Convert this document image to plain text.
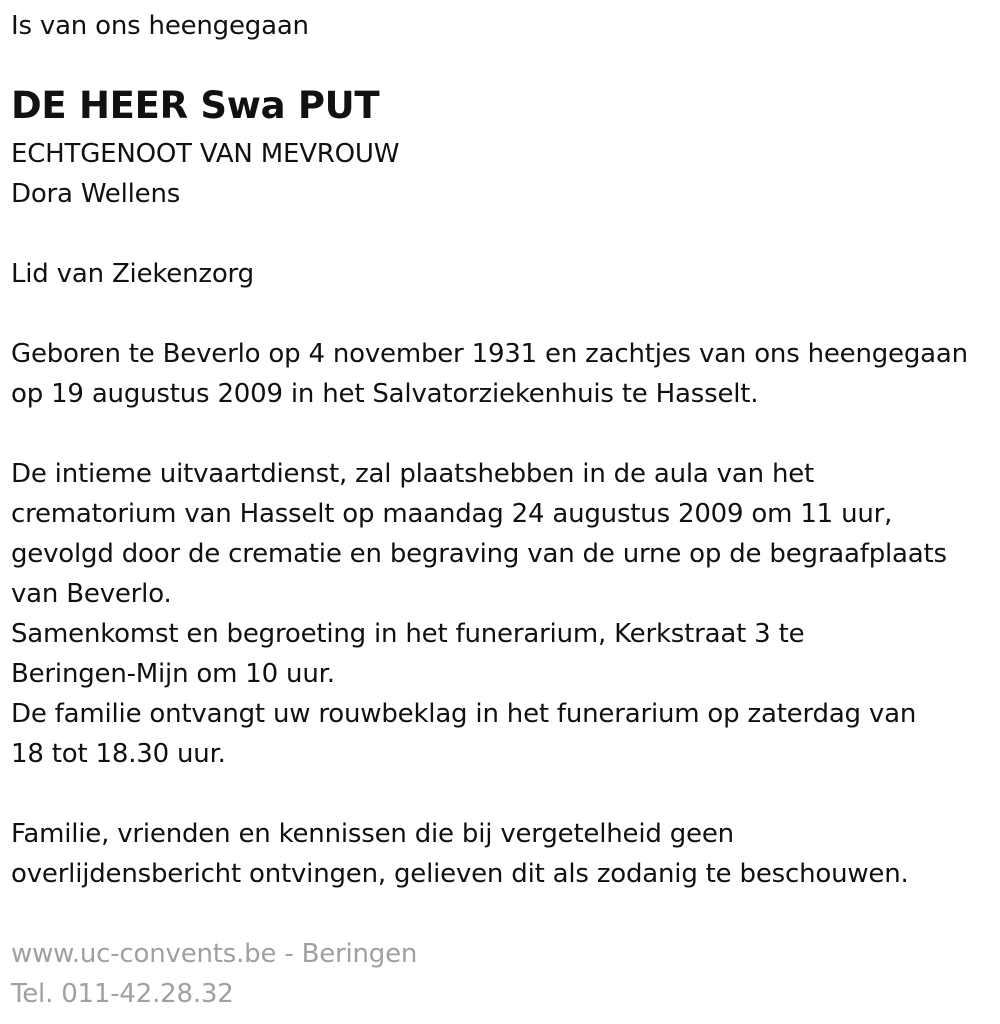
Is van ons heengegaan
DE HEER Swa PUT
ECHTGENOOT VAN MEVROUW
Dora Wellens
Lid van Ziekenzorg
Geboren te Beverlo op 4 november 1931 en zachtjes van ons heengegaan
op 19 augustus 2009 in het Salvatorziekenhuis te Hasselt.
De intieme uitvaartdienst, zal plaatshebben in de aula van het
crematorium van Hasselt op maandag 24 augustus 2009 om 11 uur,
gevolgd door de crematie en begraving van de urne op de begraafplaats
van Beverlo.
Samenkomst en begroeting in het funerarium, Kerkstraat 3 te
Beringen-Mijn om 10 uur.
De familie ontvangt uw rouwbeklag in het funerarium op zaterdag van
18 tot 18.30 uur.
Familie, vrienden en kennissen die bij vergetelheid geen
overlijdensbericht ontvingen, gelieven dit als zodanig te beschouwen.
www.uc-convents.be - Beringen
Tel. 011-42.28.32
